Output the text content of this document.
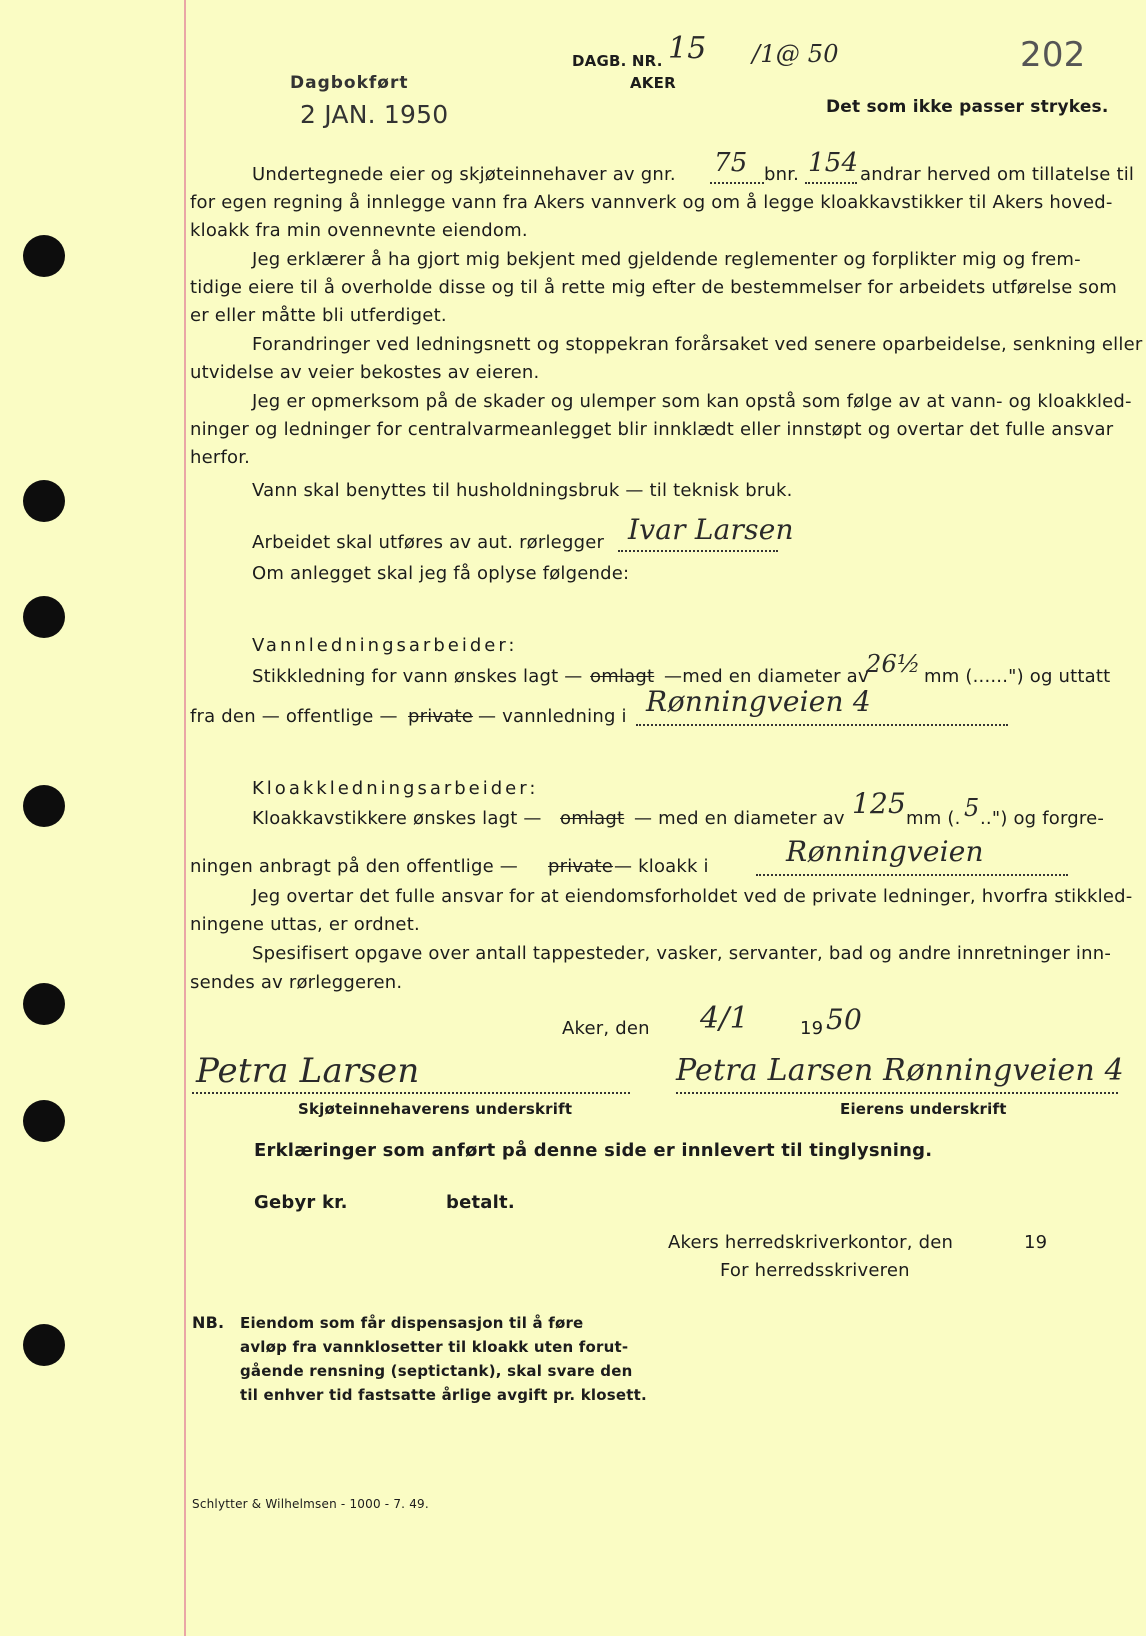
Dagbokført
2 JAN. 1950
DAGB. NR. 15 /1@ 50
AKER
202
Det som ikke passer strykes.
Undertegnede eier og skjøteinnehaver av gnr. 75 bnr. 154 andrar herved om tillatelse til
for egen regning å innlegge vann fra Akers vannverk og om å legge kloakkavstikker til Akers hoved-
kloakk fra min ovennevnte eiendom.
Jeg erklærer å ha gjort mig bekjent med gjeldende reglementer og forplikter mig og frem-
tidige eiere til å overholde disse og til å rette mig efter de bestemmelser for arbeidets utførelse som
er eller måtte bli utferdiget.
Forandringer ved ledningsnett og stoppekran forårsaket ved senere oparbeidelse, senkning eller
utvidelse av veier bekostes av eieren.
Jeg er opmerksom på de skader og ulemper som kan opstå som følge av at vann- og kloakkled-
ninger og ledninger for centralvarmeanlegget blir innklædt eller innstøpt og overtar det fulle ansvar
herfor.
Vann skal benyttes til husholdningsbruk — til teknisk bruk.
Arbeidet skal utføres av aut. rørlegger Ivar Larsen
Om anlegget skal jeg få oplyse følgende:
Vannledningsarbeider:
Stikkledning for vann ønskes lagt — omlagt —med en diameter av
26½ mm (......") og uttatt
fra den — offentlige — private — vannledning i Rønningveien 4
Kloakkledningsarbeider:
Kloakkavstikkere ønskes lagt — omlagt — med en diameter av 125 mm (. 5 ..") og forgre-
ningen anbragt på den offentlige — private — kloakk i	Rønningveien
Jeg overtar det fulle ansvar for at eiendomsforholdet ved de private ledninger, hvorfra stikkled-
ningene uttas, er ordnet.
Spesifisert opgave over antall tappesteder, vasker, servanter, bad og andre innretninger inn-
sendes av rørleggeren.
Aker, den 4/1	19 50
Petra Larsen
Skjøteinnehaverens underskrift
Petra Larsen Rønningveien 4
Eierens underskrift
Erklæringer som anført på denne side er innlevert til tinglysning.
Gebyr kr.	betalt.
Akers herredskriverkontor, den	19
For herredsskriveren
NB. Eiendom som får dispensasjon til å føre
avløp fra vannklosetter til kloakk uten forut-
gående rensning (septictank), skal svare den
til enhver tid fastsatte årlige avgift pr. klosett.
Schlytter & Wilhelmsen - 1000 - 7. 49.
